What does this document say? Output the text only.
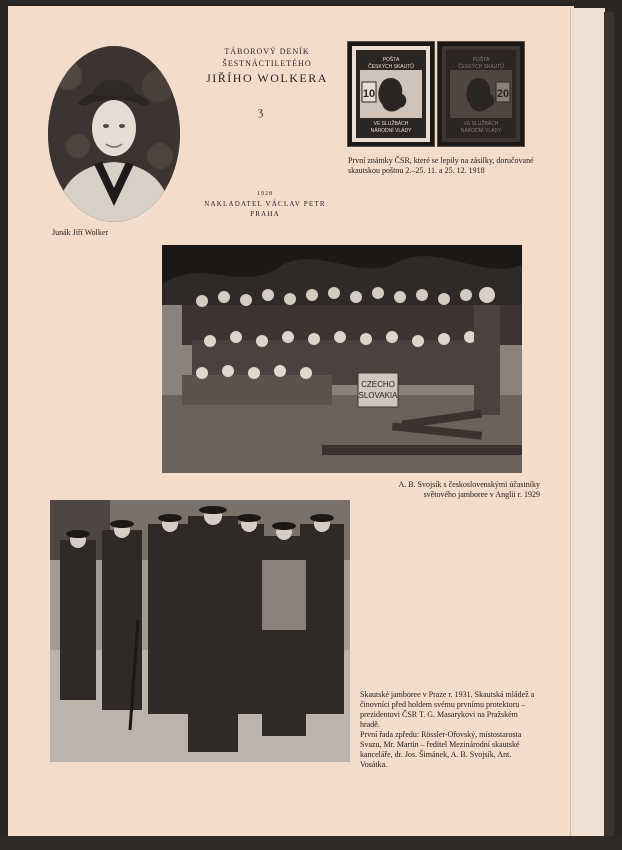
Junák Jiří Wolker
TÁBOROVÝ DENÍK
ŠESTNÁCTILETÉHO
JIŘÍHO WOLKERA
ʒ
1928
NAKLADATEL VÁCLAV PETR
PRAHA
POŠTA
ČESKÝCH SKAUTŮ
10
VE SLUŽBÁCH
NÁRODNÍ VLÁDY
POŠTA
ČESKÝCH SKAUTŮ
20
VE SLUŽBÁCH
NÁRODNÍ VLÁDY
První známky ČSR, které se lepily na zásilky, doručované skautskou poštou 2.–25. 11. a 25. 12. 1918
CZECHO
SLOVAKIA
A. B. Svojsík s československými účastníky světového jamboree v Anglii r. 1929

Skautské jamboree v Praze r. 1931. Skautská mládež a činovníci před holdem svému prvnímu protektoru – prezidentovi ČSR T. G. Masarykovi na Pražském hradě.

První řada zpředu: Rössler-Ořovský, místostarosta Svazu, Mr. Martin – ředitel Mezinárodní skautské kanceláře, dr. Jos. Šimánek, A. B. Svojsík, Ant. Vosátka.
